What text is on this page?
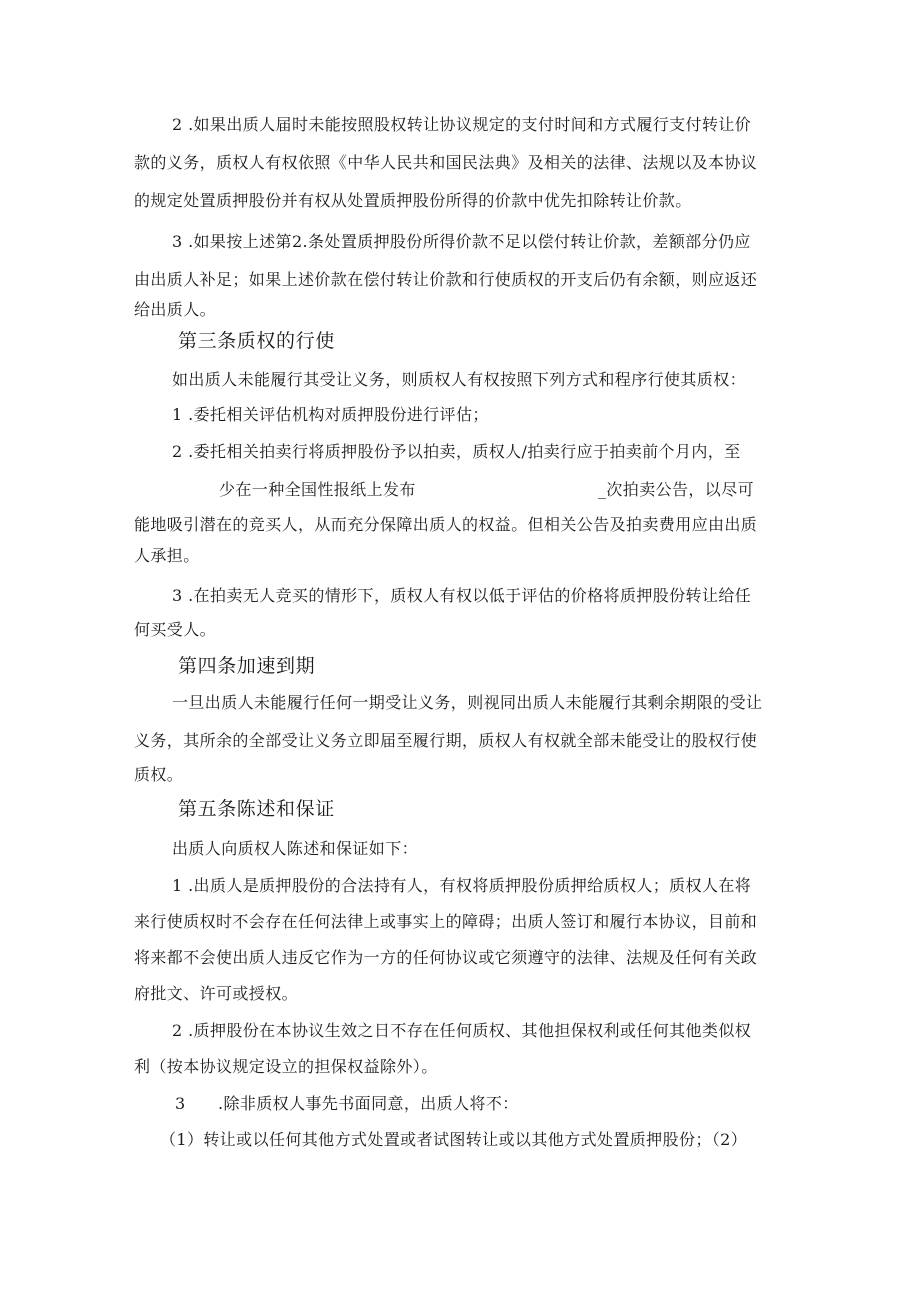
2 .如果出质人届时未能按照股权转让协议规定的支付时间和方式履行支付转让价
款的义务，质权人有权依照《中华人民共和国民法典》及相关的法律、法规以及本协议
的规定处置质押股份并有权从处置质押股份所得的价款中优先扣除转让价款。
3 .如果按上述第2.条处置质押股份所得价款不足以偿付转让价款，差额部分仍应
由出质人补足；如果上述价款在偿付转让价款和行使质权的开支后仍有余额，则应返还
给出质人。
第三条质权的行使
如出质人未能履行其受让义务，则质权人有权按照下列方式和程序行使其质权：
1 .委托相关评估机构对质押股份进行评估；
2 .委托相关拍卖行将质押股份予以拍卖，质权人/拍卖行应于拍卖前个月内，至
少在一种全国性报纸上发布	_次拍卖公告，以尽可
能地吸引潜在的竞买人，从而充分保障出质人的权益。但相关公告及拍卖费用应由出质
人承担。
3 .在拍卖无人竞买的情形下，质权人有权以低于评估的价格将质押股份转让给任
何买受人。
第四条加速到期
一旦出质人未能履行任何一期受让义务，则视同出质人未能履行其剩余期限的受让
义务，其所余的全部受让义务立即届至履行期，质权人有权就全部未能受让的股权行使
质权。
第五条陈述和保证
出质人向质权人陈述和保证如下：
1 .出质人是质押股份的合法持有人，有权将质押股份质押给质权人；质权人在将
来行使质权时不会存在任何法律上或事实上的障碍；出质人签订和履行本协议，目前和
将来都不会使出质人违反它作为一方的任何协议或它须遵守的法律、法规及任何有关政
府批文、许可或授权。
2 .质押股份在本协议生效之日不存在任何质权、其他担保权利或任何其他类似权
利（按本协议规定设立的担保权益除外）。
3 .除非质权人事先书面同意，出质人将不：
（1）转让或以任何其他方式处置或者试图转让或以其他方式处置质押股份；（2）
